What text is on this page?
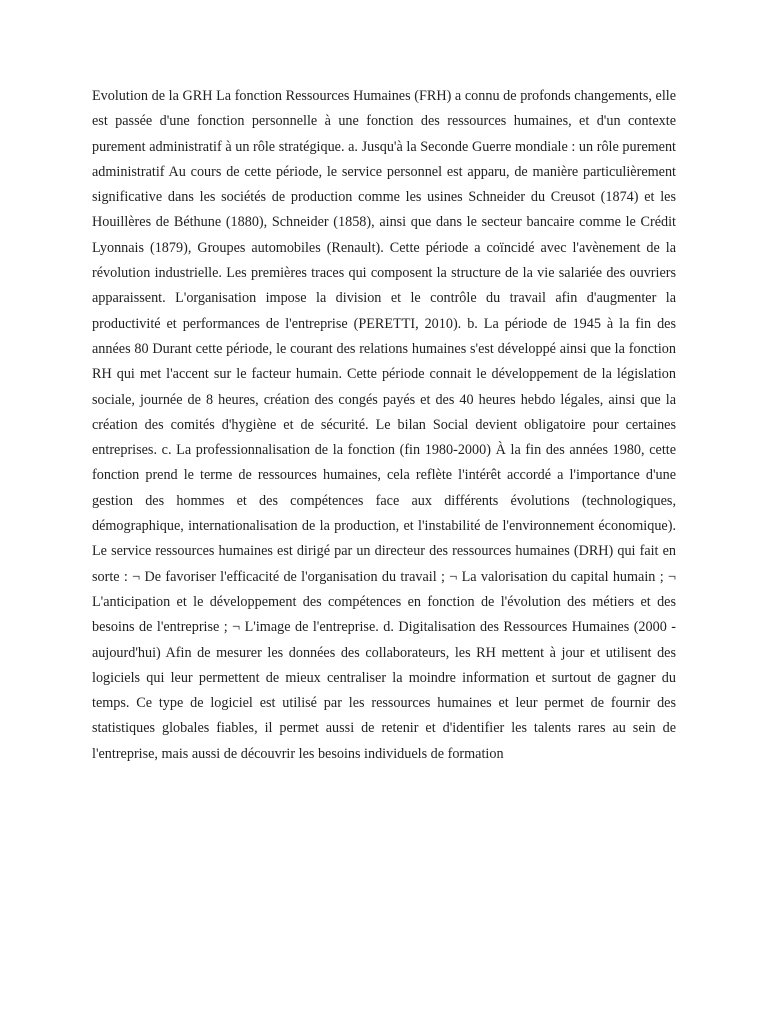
Evolution de la GRH La fonction Ressources Humaines (FRH) a connu de profonds changements, elle est passée d'une fonction personnelle à une fonction des ressources humaines, et d'un contexte purement administratif à un rôle stratégique. a. Jusqu'à la Seconde Guerre mondiale : un rôle purement administratif Au cours de cette période, le service personnel est apparu, de manière particulièrement significative dans les sociétés de production comme les usines Schneider du Creusot (1874) et les Houillères de Béthune (1880), Schneider (1858), ainsi que dans le secteur bancaire comme le Crédit Lyonnais (1879), Groupes automobiles (Renault). Cette période a coïncidé avec l'avènement de la révolution industrielle. Les premières traces qui composent la structure de la vie salariée des ouvriers apparaissent. L'organisation impose la division et le contrôle du travail afin d'augmenter la productivité et performances de l'entreprise (PERETTI, 2010). b. La période de 1945 à la fin des années 80 Durant cette période, le courant des relations humaines s'est développé ainsi que la fonction RH qui met l'accent sur le facteur humain. Cette période connait le développement de la législation sociale, journée de 8 heures, création des congés payés et des 40 heures hebdo légales, ainsi que la création des comités d'hygiène et de sécurité. Le bilan Social devient obligatoire pour certaines entreprises. c. La professionnalisation de la fonction (fin 1980-2000) À la fin des années 1980, cette fonction prend le terme de ressources humaines, cela reflète l'intérêt accordé a l'importance d'une gestion des hommes et des compétences face aux différents évolutions (technologiques, démographique, internationalisation de la production, et l'instabilité de l'environnement économique). Le service ressources humaines est dirigé par un directeur des ressources humaines (DRH) qui fait en sorte : ¬ De favoriser l'efficacité de l'organisation du travail ; ¬ La valorisation du capital humain ; ¬ L'anticipation et le développement des compétences en fonction de l'évolution des métiers et des besoins de l'entreprise ; ¬ L'image de l'entreprise. d. Digitalisation des Ressources Humaines (2000 - aujourd'hui) Afin de mesurer les données des collaborateurs, les RH mettent à jour et utilisent des logiciels qui leur permettent de mieux centraliser la moindre information et surtout de gagner du temps. Ce type de logiciel est utilisé par les ressources humaines et leur permet de fournir des statistiques globales fiables, il permet aussi de retenir et d'identifier les talents rares au sein de l'entreprise, mais aussi de découvrir les besoins individuels de formation
